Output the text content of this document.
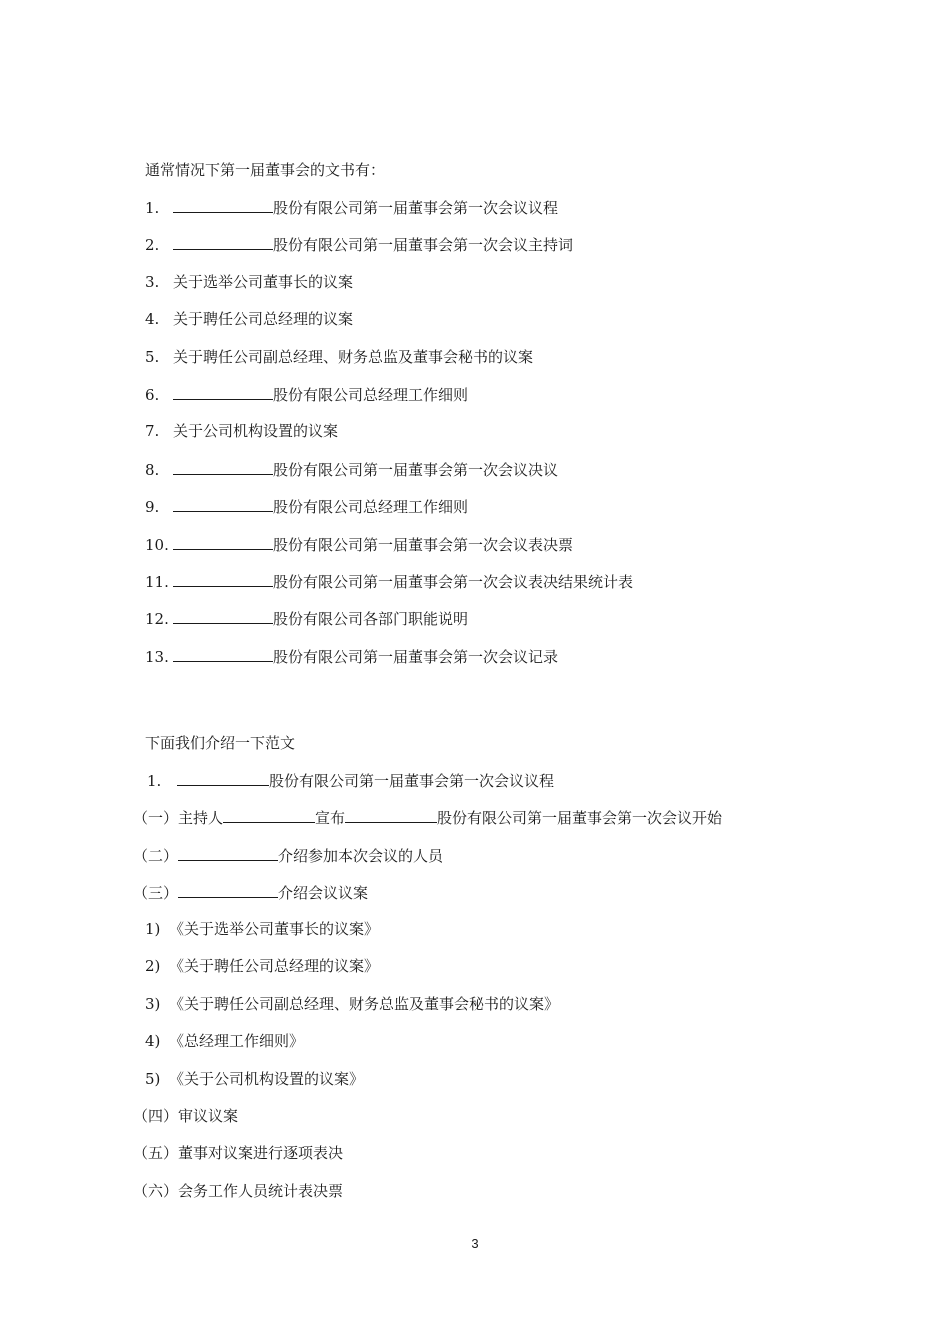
通常情况下第一届董事会的文书有：
1.	股份有限公司第一届董事会第一次会议议程
2.	股份有限公司第一届董事会第一次会议主持词
3. 关于选举公司董事长的议案
4. 关于聘任公司总经理的议案
5. 关于聘任公司副总经理、财务总监及董事会秘书的议案
6.	股份有限公司总经理工作细则
7. 关于公司机构设置的议案
8.	股份有限公司第一届董事会第一次会议决议
9.	股份有限公司总经理工作细则
10.	股份有限公司第一届董事会第一次会议表决票
11.	股份有限公司第一届董事会第一次会议表决结果统计表
12.	股份有限公司各部门职能说明
13.	股份有限公司第一届董事会第一次会议记录
下面我们介绍一下范文
1.	股份有限公司第一届董事会第一次会议议程
（一）主持人	宣布	股份有限公司第一届董事会第一次会议开始
（二）	介绍参加本次会议的人员
（三）	介绍会议议案
1) 《关于选举公司董事长的议案》
2) 《关于聘任公司总经理的议案》
3) 《关于聘任公司副总经理、财务总监及董事会秘书的议案》
4) 《总经理工作细则》
5) 《关于公司机构设置的议案》
（四）审议议案
（五）董事对议案进行逐项表决
（六）会务工作人员统计表决票
3
